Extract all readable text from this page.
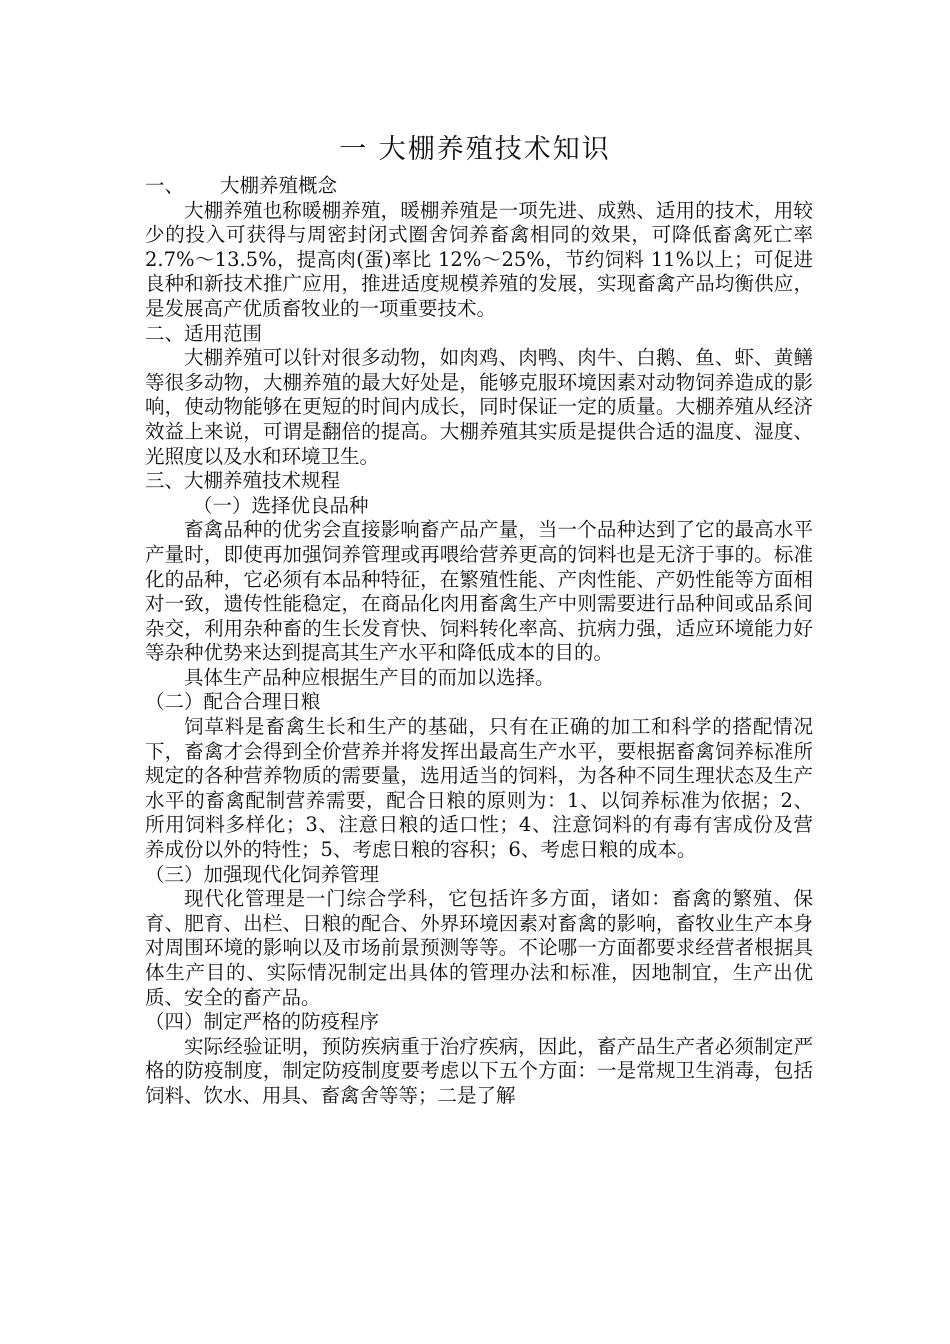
一 大棚养殖技术知识

一、 大棚养殖概念

大棚养殖也称暖棚养殖，暖棚养殖是一项先进、成熟、适用的技术，用较少的投入可获得与周密封闭式圈舍饲养畜禽相同的效果，可降低畜禽死亡率 2.7%～13.5%，提高肉(蛋)率比 12%～25%，节约饲料 11%以上；可促进良种和新技术推广应用，推进适度规模养殖的发展，实现畜禽产品均衡供应，是发展高产优质畜牧业的一项重要技术。

二、适用范围

大棚养殖可以针对很多动物，如肉鸡、肉鸭、肉牛、白鹅、鱼、虾、黄鳝等很多动物，大棚养殖的最大好处是，能够克服环境因素对动物饲养造成的影响，使动物能够在更短的时间内成长，同时保证一定的质量。大棚养殖从经济效益上来说，可谓是翻倍的提高。大棚养殖其实质是提供合适的温度、湿度、光照度以及水和环境卫生。

三、大棚养殖技术规程

（一）选择优良品种

畜禽品种的优劣会直接影响畜产品产量，当一个品种达到了它的最高水平产量时，即使再加强饲养管理或再喂给营养更高的饲料也是无济于事的。标准化的品种，它必须有本品种特征，在繁殖性能、产肉性能、产奶性能等方面相对一致，遗传性能稳定，在商品化肉用畜禽生产中则需要进行品种间或品系间杂交，利用杂种畜的生长发育快、饲料转化率高、抗病力强，适应环境能力好等杂种优势来达到提高其生产水平和降低成本的目的。

具体生产品种应根据生产目的而加以选择。

（二）配合合理日粮

饲草料是畜禽生长和生产的基础，只有在正确的加工和科学的搭配情况下，畜禽才会得到全价营养并将发挥出最高生产水平，要根据畜禽饲养标准所规定的各种营养物质的需要量，选用适当的饲料，为各种不同生理状态及生产水平的畜禽配制营养需要，配合日粮的原则为：1、以饲养标准为依据；2、所用饲料多样化；3、注意日粮的适口性；4、注意饲料的有毒有害成份及营养成份以外的特性；5、考虑日粮的容积；6、考虑日粮的成本。

（三）加强现代化饲养管理

现代化管理是一门综合学科，它包括许多方面，诸如：畜禽的繁殖、保育、肥育、出栏、日粮的配合、外界环境因素对畜禽的影响，畜牧业生产本身对周围环境的影响以及市场前景预测等等。不论哪一方面都要求经营者根据具体生产目的、实际情况制定出具体的管理办法和标准，因地制宜，生产出优质、安全的畜产品。

（四）制定严格的防疫程序

实际经验证明，预防疾病重于治疗疾病，因此，畜产品生产者必须制定严格的防疫制度，制定防疫制度要考虑以下五个方面：一是常规卫生消毒，包括饲料、饮水、用具、畜禽舍等等；二是了解
